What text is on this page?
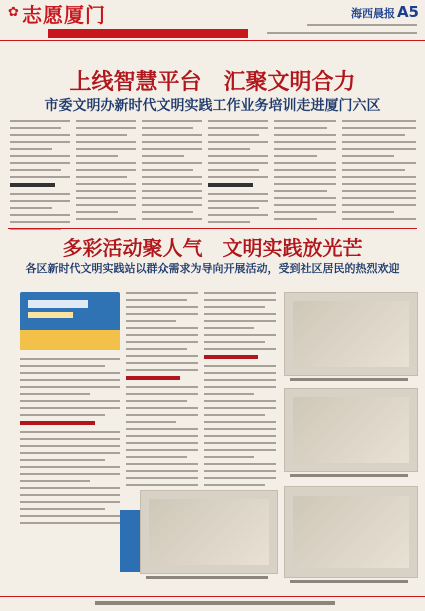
✿ 志愿厦门	海西晨报 A5
上线智慧平台　汇聚文明合力
市委文明办新时代文明实践工作业务培训走进厦门六区
多彩活动聚人气　文明实践放光芒
各区新时代文明实践站以群众需求为导向开展活动，受到社区居民的热烈欢迎
